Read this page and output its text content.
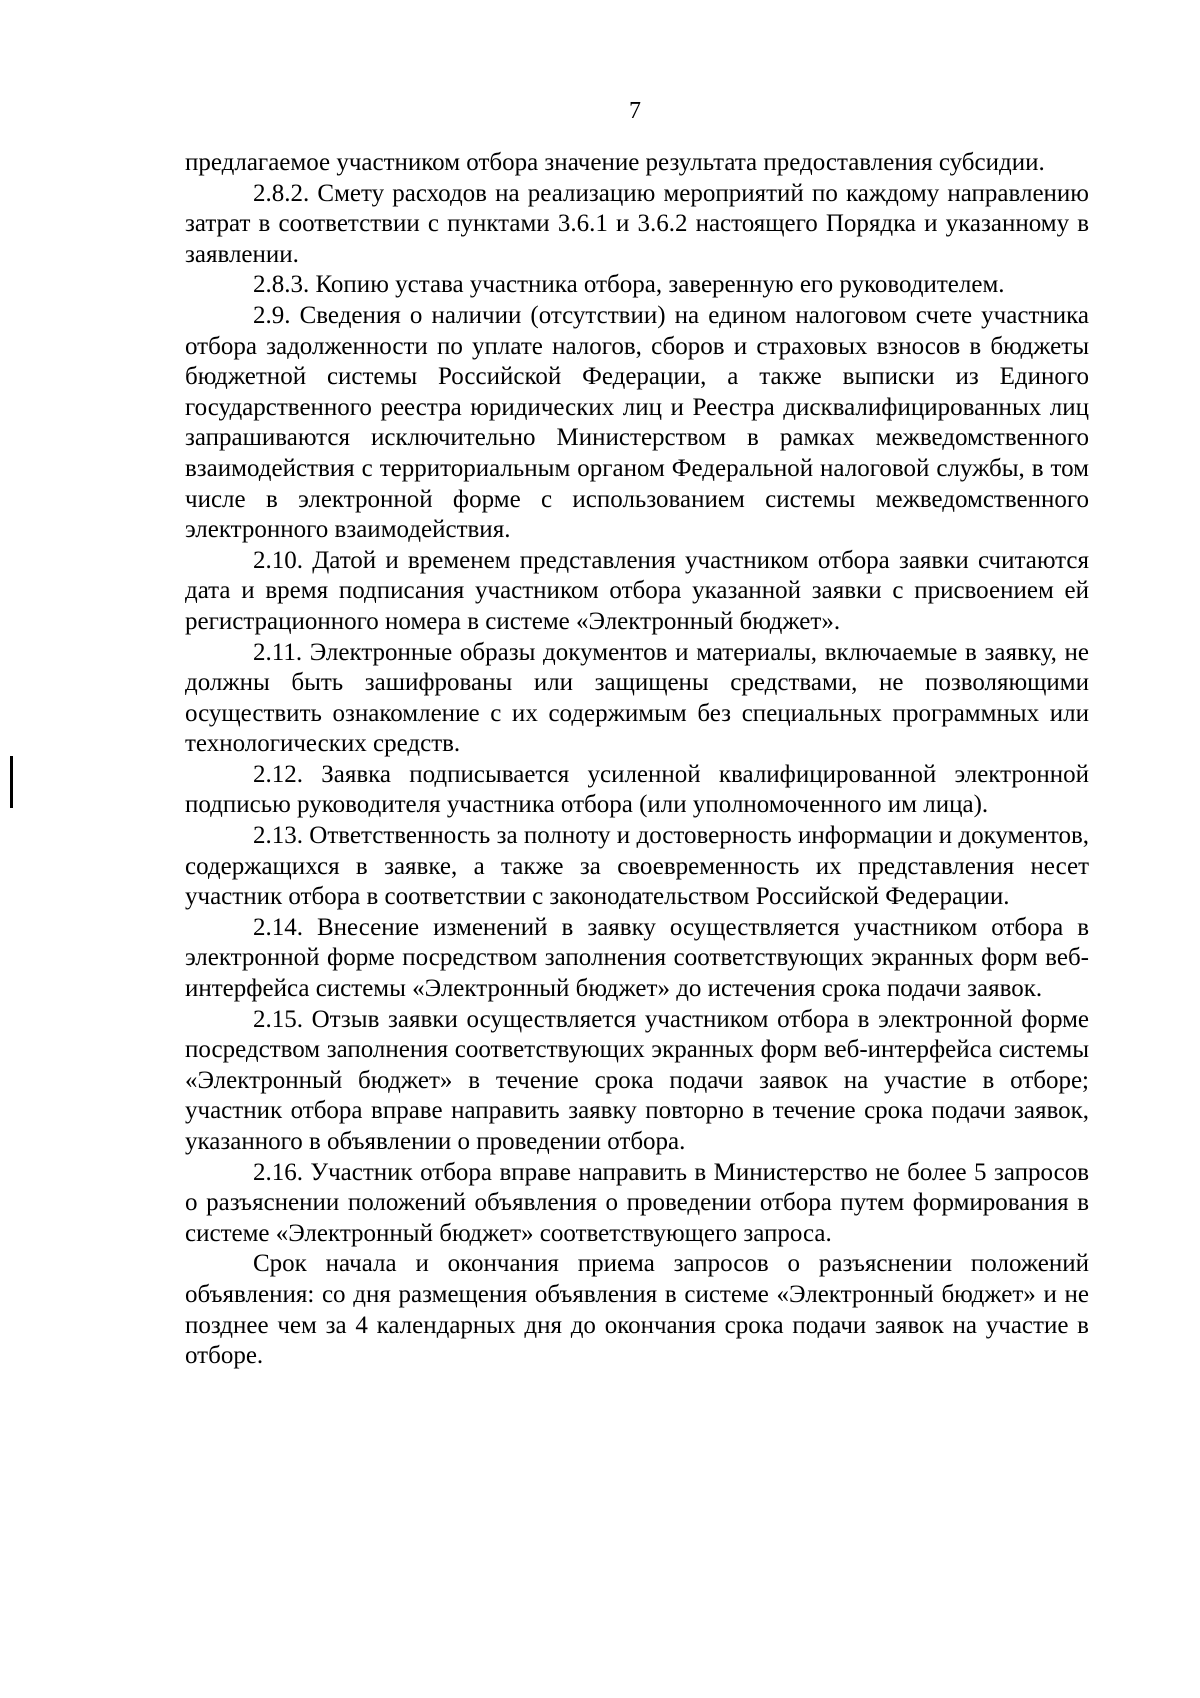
7

предлагаемое участником отбора значение результата предоставления субсидии.

2.8.2. Смету расходов на реализацию мероприятий по каждому направлению затрат в соответствии с пунктами 3.6.1 и 3.6.2 настоящего Порядка и указанному в заявлении.

2.8.3. Копию устава участника отбора, заверенную его руководителем.

2.9. Сведения о наличии (отсутствии) на едином налоговом счете участника отбора задолженности по уплате налогов, сборов и страховых взносов в бюджеты бюджетной системы Российской Федерации, а также выписки из Единого государственного реестра юридических лиц и Реестра дисквалифицированных лиц запрашиваются исключительно Министерством в рамках межведомственного взаимодействия с территориальным органом Федеральной налоговой службы, в том числе в электронной форме с использованием системы межведомственного электронного взаимодействия.

2.10. Датой и временем представления участником отбора заявки считаются дата и время подписания участником отбора указанной заявки с присвоением ей регистрационного номера в системе «Электронный бюджет».

2.11. Электронные образы документов и материалы, включаемые в заявку, не должны быть зашифрованы или защищены средствами, не позволяющими осуществить ознакомление с их содержимым без специальных программных или технологических средств.

2.12. Заявка подписывается усиленной квалифицированной электронной подписью руководителя участника отбора (или уполномоченного им лица).

2.13. Ответственность за полноту и достоверность информации и документов, содержащихся в заявке, а также за своевременность их представления несет участник отбора в соответствии с законодательством Российской Федерации.

2.14. Внесение изменений в заявку осуществляется участником отбора в электронной форме посредством заполнения соответствующих экранных форм веб-интерфейса системы «Электронный бюджет» до истечения срока подачи заявок.

2.15. Отзыв заявки осуществляется участником отбора в электронной форме посредством заполнения соответствующих экранных форм веб-интерфейса системы «Электронный бюджет» в течение срока подачи заявок на участие в отборе; участник отбора вправе направить заявку повторно в течение срока подачи заявок, указанного в объявлении о проведении отбора.

2.16. Участник отбора вправе направить в Министерство не более 5 запросов о разъяснении положений объявления о проведении отбора путем формирования в системе «Электронный бюджет» соответствующего запроса.

Срок начала и окончания приема запросов о разъяснении положений объявления: со дня размещения объявления в системе «Электронный бюджет» и не позднее чем за 4 календарных дня до окончания срока подачи заявок на участие в отборе.
